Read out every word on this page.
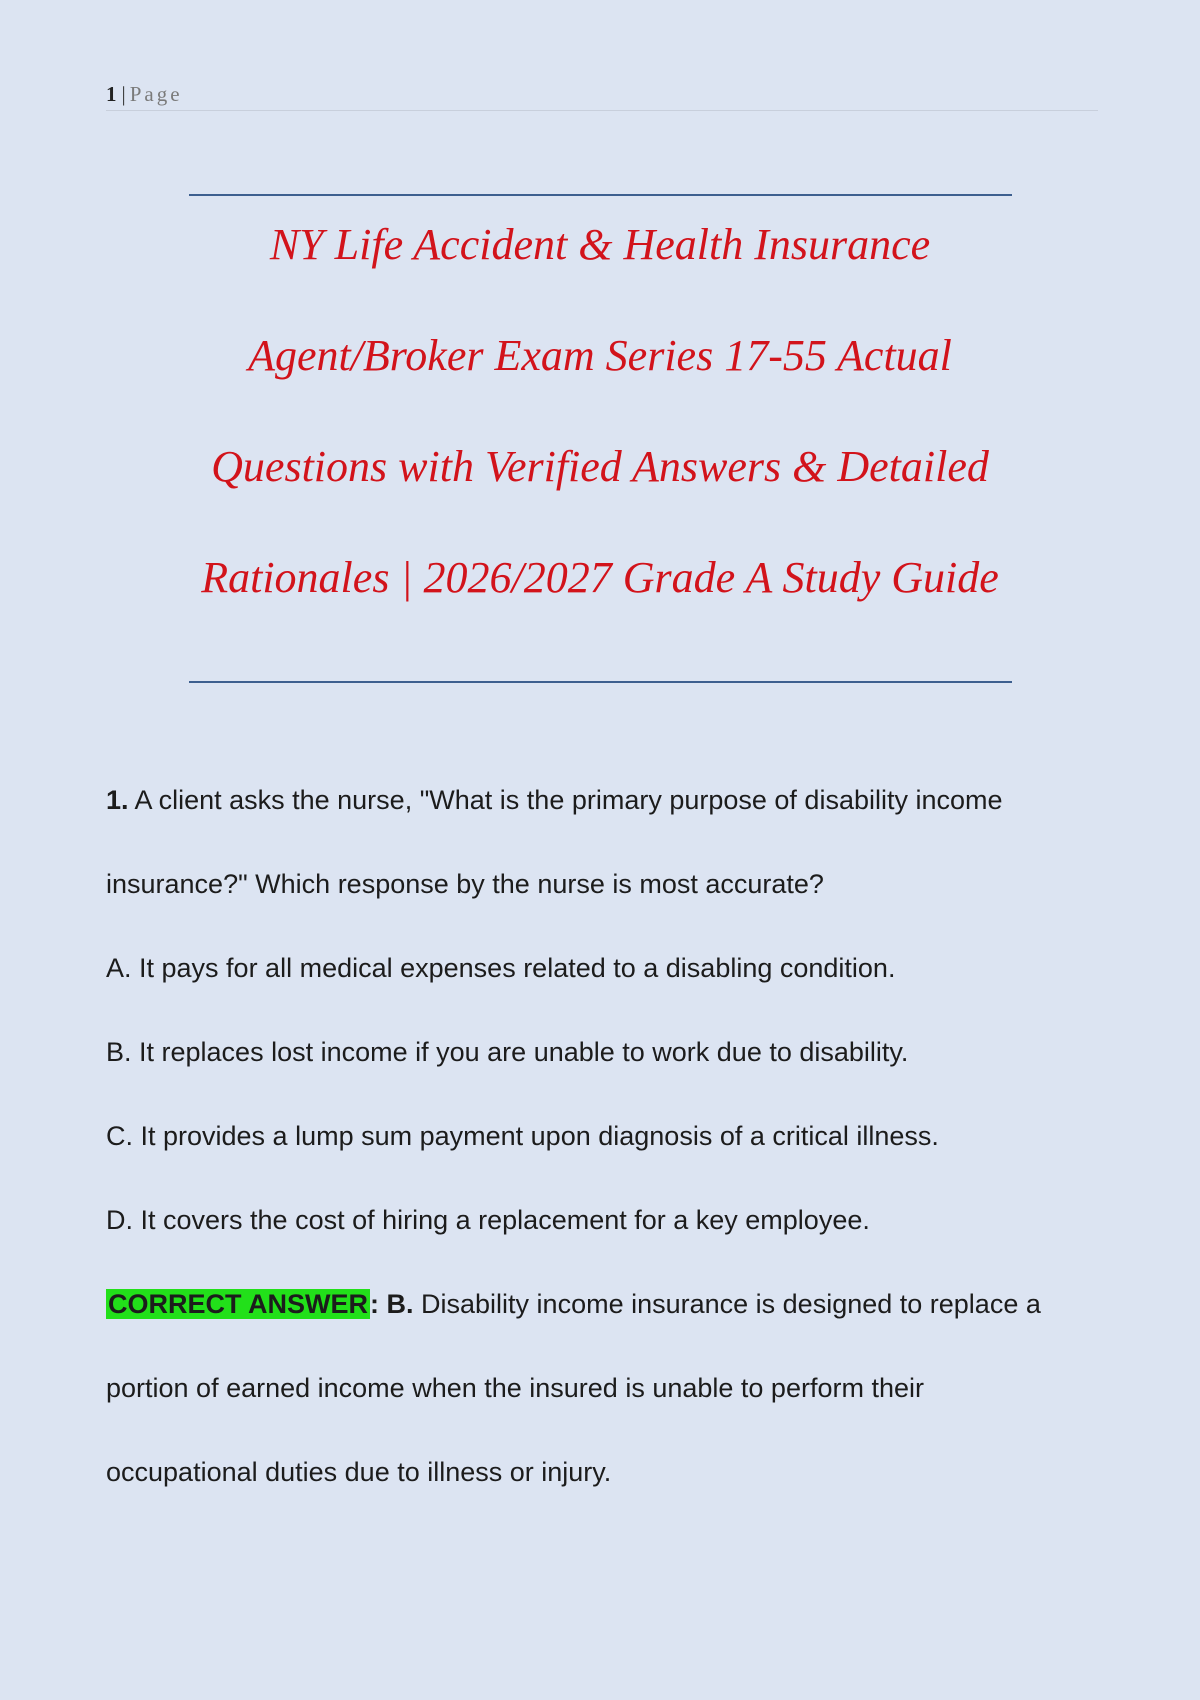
1 | Page
NY Life Accident & Health Insurance
Agent/Broker Exam Series 17-55 Actual
Questions with Verified Answers & Detailed
Rationales | 2026/2027 Grade A Study Guide
1. A client asks the nurse, "What is the primary purpose of disability income
insurance?" Which response by the nurse is most accurate?
A. It pays for all medical expenses related to a disabling condition.
B. It replaces lost income if you are unable to work due to disability.
C. It provides a lump sum payment upon diagnosis of a critical illness.
D. It covers the cost of hiring a replacement for a key employee.
CORRECT ANSWER: B. Disability income insurance is designed to replace a
portion of earned income when the insured is unable to perform their
occupational duties due to illness or injury.
